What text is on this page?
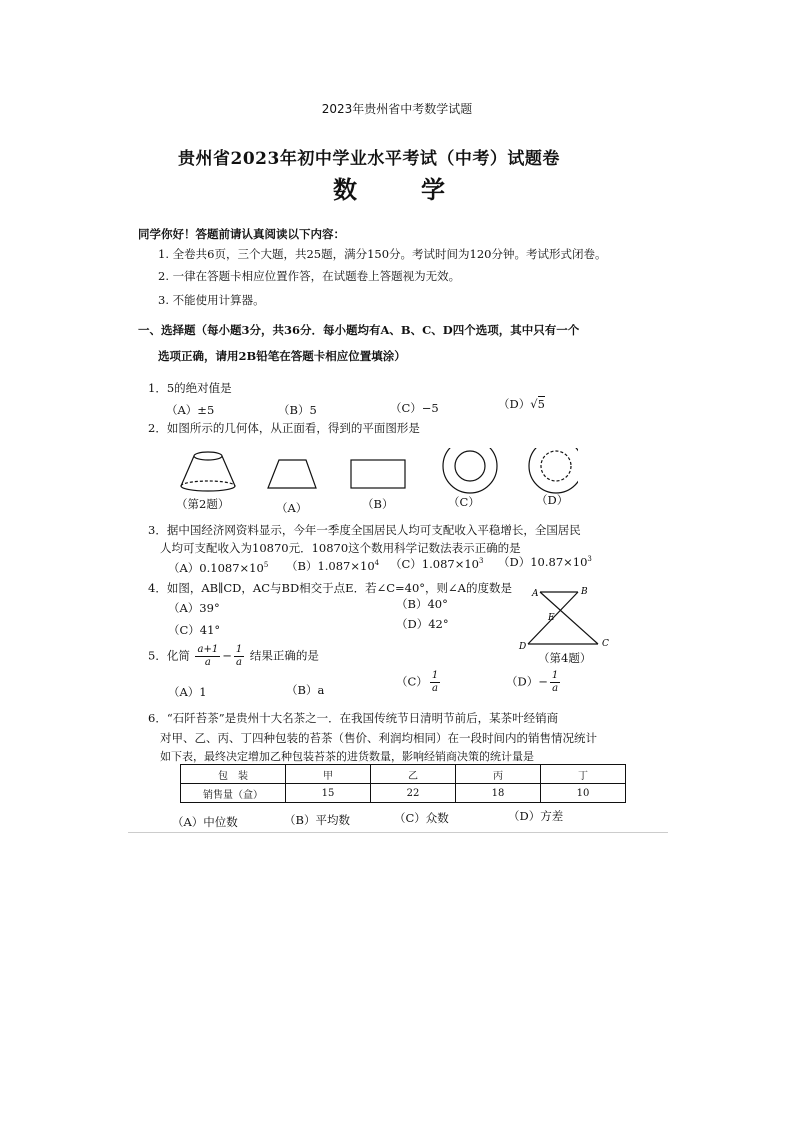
2023年贵州省中考数学试题
贵州省2023年初中学业水平考试（中考）试题卷
数　学
同学你好！答题前请认真阅读以下内容：
1. 全卷共6页，三个大题，共25题，满分150分。考试时间为120分钟。考试形式闭卷。
2. 一律在答题卡相应位置作答，在试题卷上答题视为无效。
3. 不能使用计算器。
一、选择题（每小题3分，共36分．每小题均有A、B、C、D四个选项，其中只有一个
选项正确，请用2B铅笔在答题卡相应位置填涂）
1．5的绝对值是
（A）±5	（B）5	（C）−5	（D）√5
2．如图所示的几何体，从正面看，得到的平面图形是
（第2题）	（A）	（B）	（C）	（D）
3．据中国经济网资料显示，今年一季度全国居民人均可支配收入平稳增长，全国居民
人均可支配收入为10870元．10870这个数用科学记数法表示正确的是
$(A)0.1087\times 10^5$ $(B)1.087\times 10^4$ $(C)1.087\times 10^3$ $(D)10.87\times 10^3$
4．如图，AB∥CD，AC与BD相交于点E．若∠C=40°，则∠A的度数是
（A）39°	（B）40°
（C）41°	（D）42°
A	B
E
D	C
（第4题）
5．化简 $\frac{a+1}{a} - \frac{1}{a}$ 结果正确的是
（A）1	（B）a
$(C) \frac{1}{a}$	$(D)- \frac{1}{a}$
6．“石阡苔茶”是贵州十大名茶之一．在我国传统节日清明节前后，某茶叶经销商
对甲、乙、丙、丁四种包装的苔茶（售价、利润均相同）在一段时间内的销售情况统计
如下表，最终决定增加乙种包装苔茶的进货数量，影响经销商决策的统计量是
包　装	甲	乙	丙	丁
销售量（盒）	15	22	18	10
（A）中位数	（B）平均数	（C）众数	（D）方差
